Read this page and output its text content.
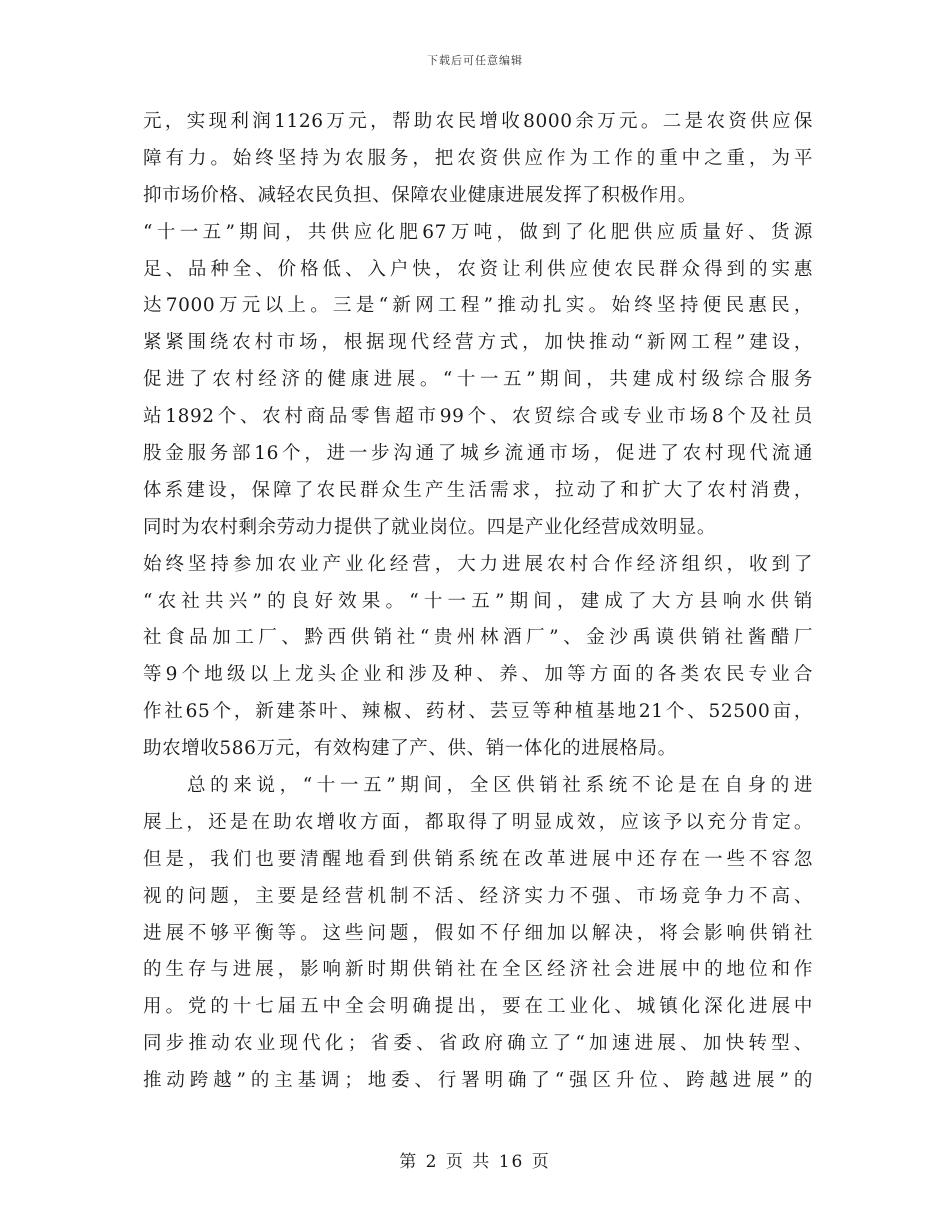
下载后可任意编辑
元，实现利润1126万元，帮助农民增收8000余万元。二是农资供应保
障有力。始终坚持为农服务，把农资供应作为工作的重中之重，为平
抑市场价格、减轻农民负担、保障农业健康进展发挥了积极作用。
“十一五”期间，共供应化肥67万吨，做到了化肥供应质量好、货源
足、品种全、价格低、入户快，农资让利供应使农民群众得到的实惠
达7000万元以上。三是“新网工程”推动扎实。始终坚持便民惠民，
紧紧围绕农村市场，根据现代经营方式，加快推动“新网工程”建设，
促进了农村经济的健康进展。“十一五”期间，共建成村级综合服务
站1892个、农村商品零售超市99个、农贸综合或专业市场8个及社员
股金服务部16个，进一步沟通了城乡流通市场，促进了农村现代流通
体系建设，保障了农民群众生产生活需求，拉动了和扩大了农村消费，
同时为农村剩余劳动力提供了就业岗位。四是产业化经营成效明显。
始终坚持参加农业产业化经营，大力进展农村合作经济组织，收到了
“农社共兴”的良好效果。“十一五”期间，建成了大方县响水供销
社食品加工厂、黔西供销社“贵州林酒厂”、金沙禹谟供销社酱醋厂
等9个地级以上龙头企业和涉及种、养、加等方面的各类农民专业合
作社65个，新建茶叶、辣椒、药材、芸豆等种植基地21个、52500亩，
助农增收586万元，有效构建了产、供、销一体化的进展格局。
总的来说，“十一五”期间，全区供销社系统不论是在自身的进
展上，还是在助农增收方面，都取得了明显成效，应该予以充分肯定。
但是，我们也要清醒地看到供销系统在改革进展中还存在一些不容忽
视的问题，主要是经营机制不活、经济实力不强、市场竞争力不高、
进展不够平衡等。这些问题，假如不仔细加以解决，将会影响供销社
的生存与进展，影响新时期供销社在全区经济社会进展中的地位和作
用。党的十七届五中全会明确提出，要在工业化、城镇化深化进展中
同步推动农业现代化；省委、省政府确立了“加速进展、加快转型、
推动跨越”的主基调；地委、行署明确了“强区升位、跨越进展”的
第 2 页 共 16 页
